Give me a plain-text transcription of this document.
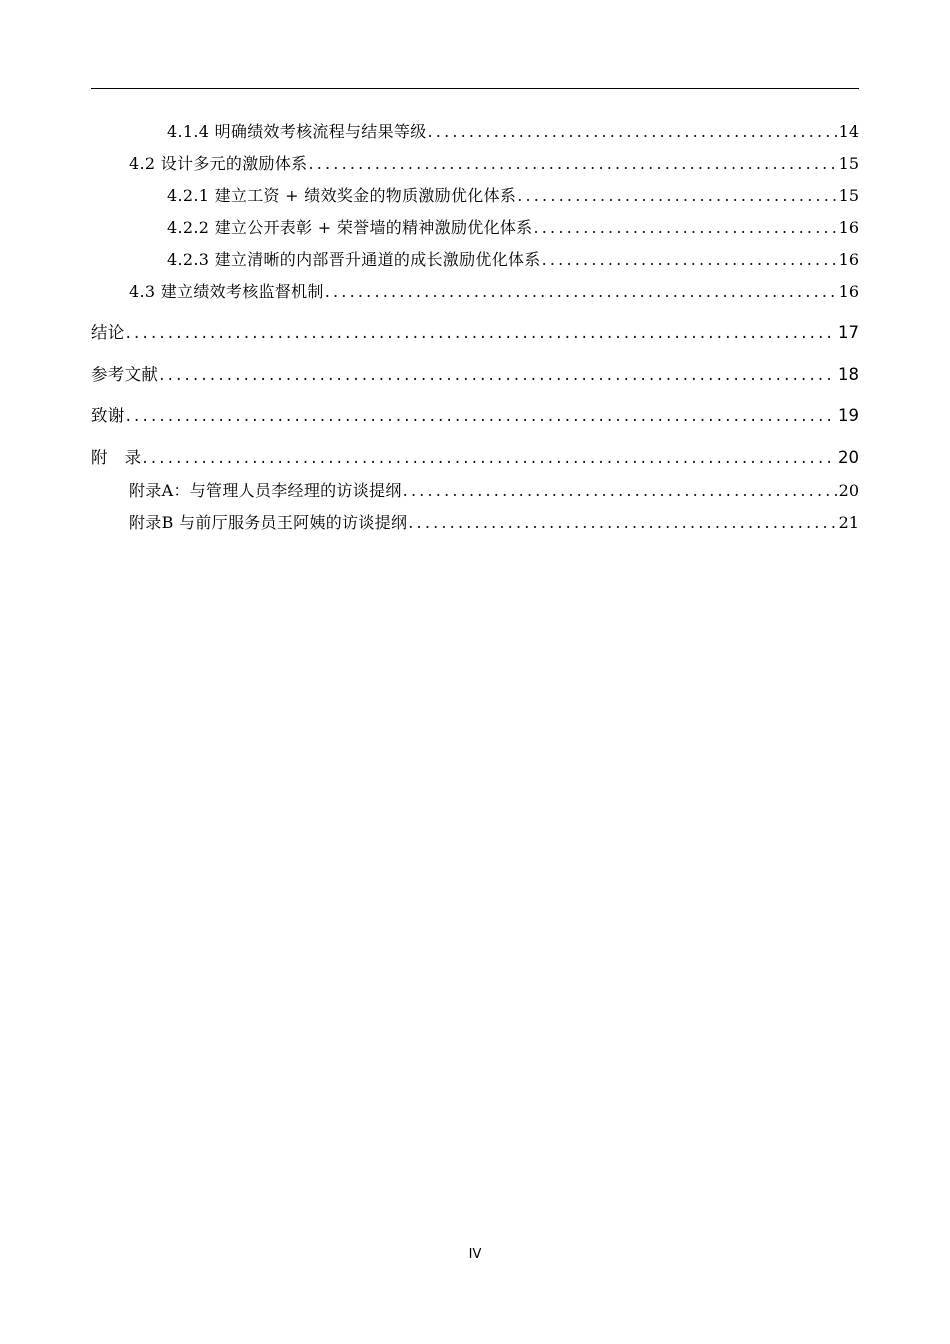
4.1.4 明确绩效考核流程与结果等级 .....	14
4.2 设计多元的激励体系 .....	15
4.2.1 建立工资 + 绩效奖金的物质激励优化体系 .....	15
4.2.2 建立公开表彰 + 荣誉墙的精神激励优化体系 .....	16
4.2.3 建立清晰的内部晋升通道的成长激励优化体系 .....	16
4.3 建立绩效考核监督机制 .....	16
结论 .....	17
参考文献 .....	18
致谢 .....	19
附　录 .....	20
附录A：与管理人员李经理的访谈提纲 .....	20
附录B 与前厅服务员王阿姨的访谈提纲 .....	21
IV
